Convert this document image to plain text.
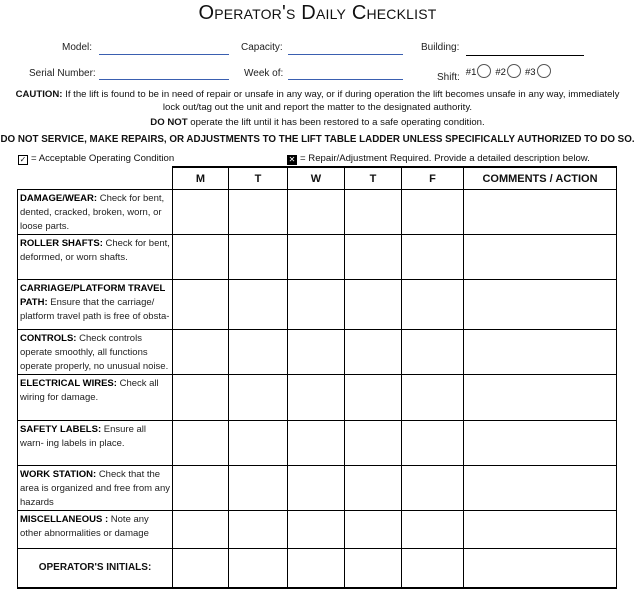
Operator's Daily Checklist
Model:	Capacity:	Building:
Serial Number:	Week of:	Shift: #1 #2 #3
CAUTION: If the lift is found to be in need of repair or unsafe in any way, or if during operation the lift becomes unsafe in any way, immediately
lock out/tag out the unit and report the matter to the designated authority.
DO NOT operate the lift until it has been restored to a safe operating condition.
DO NOT SERVICE, MAKE REPAIRS, OR ADJUSTMENTS TO THE LIFT TABLE LADDER UNLESS SPECIFICALLY AUTHORIZED TO DO SO.
✓ = Acceptable Operating Condition	✕ = Repair/Adjustment Required. Provide a detailed description below.
	M	T	W	T	F	COMMENTS / ACTION
DAMAGE/WEAR: Check for bent, dented, cracked, broken, worn, or loose parts.						
ROLLER SHAFTS: Check for bent, deformed, or worn shafts.						
CARRIAGE/PLATFORM TRAVEL PATH: Ensure that the carriage/ platform travel path is free of obsta-						
CONTROLS: Check controls operate smoothly, all functions operate properly, no unusual noise.						
ELECTRICAL WIRES: Check all wiring for damage.						
SAFETY LABELS: Ensure all warn- ing labels in place.						
WORK STATION: Check that the area is organized and free from any hazards						
MISCELLANEOUS : Note any other abnormalities or damage						
OPERATOR'S INITIALS:						
